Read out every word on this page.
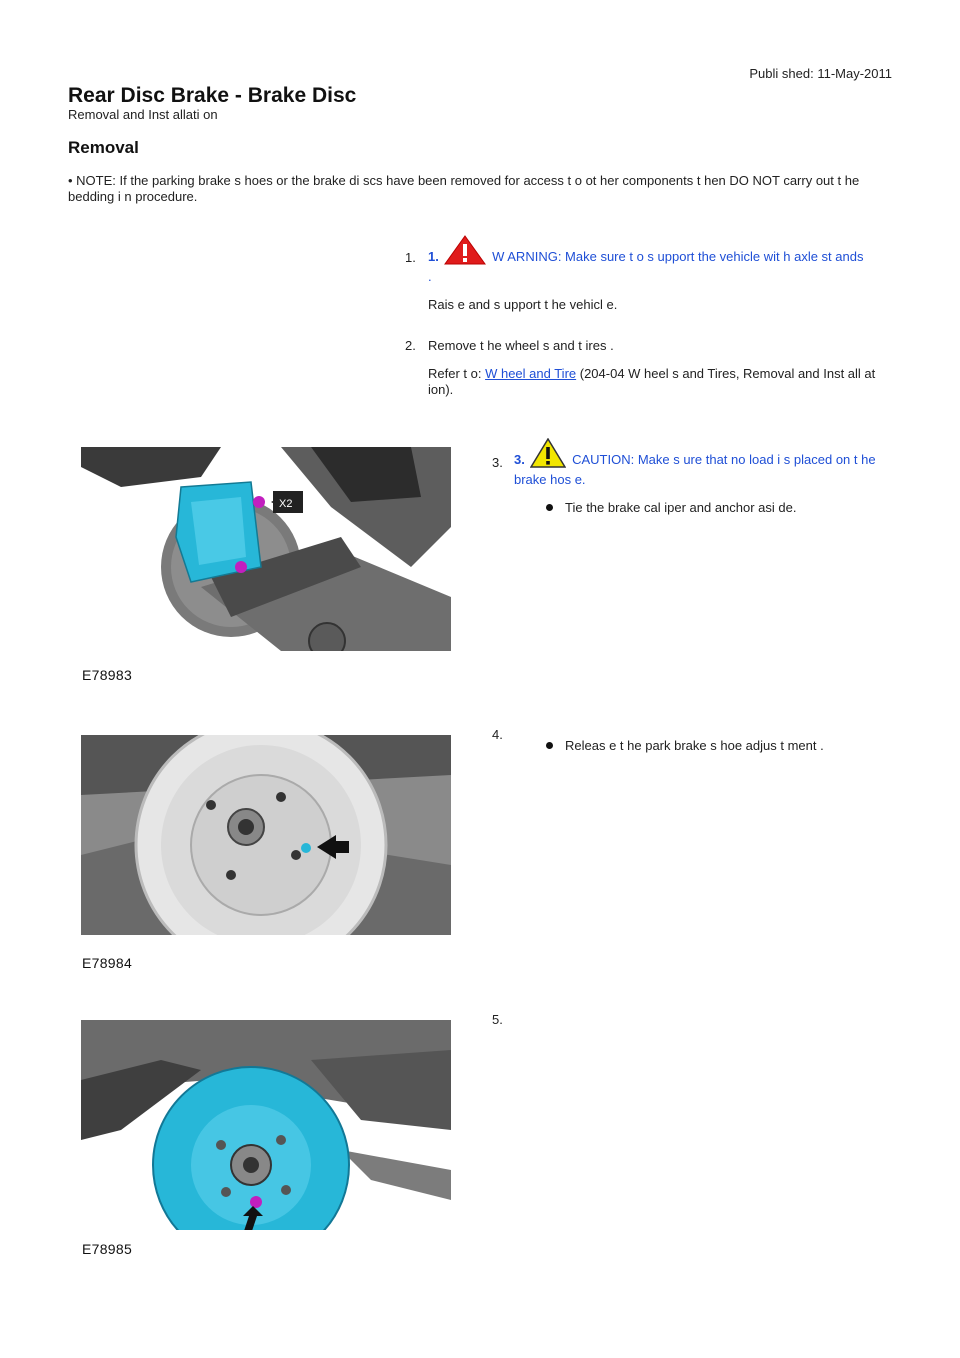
Publi shed: 11-May-2011
Rear Disc Brake - Brake Disc
Removal and Inst allati on
Removal
• NOTE: If the parking brake s hoes or the brake di scs have been removed for access t o ot her components t hen DO NOT carry out t he bedding i n procedure.
1. 1.	W ARNING: Make sure t o s upport the vehicle wit h axle st ands .
Rais e and s upport t he vehicl e.
2. Remove t he wheel s and t ires .
Refer t o: W heel and Tire (204-04 W heel s and Tires, Removal and Inst all at ion).
3. 3.	CAUTION: Make s ure that no load i s placed on t he brake hos e.
Tie the brake cal iper and anchor asi de.
4.
Releas e t he park brake s hoe adjus t ment .
5.
X2
E78983
E78984
E78985
